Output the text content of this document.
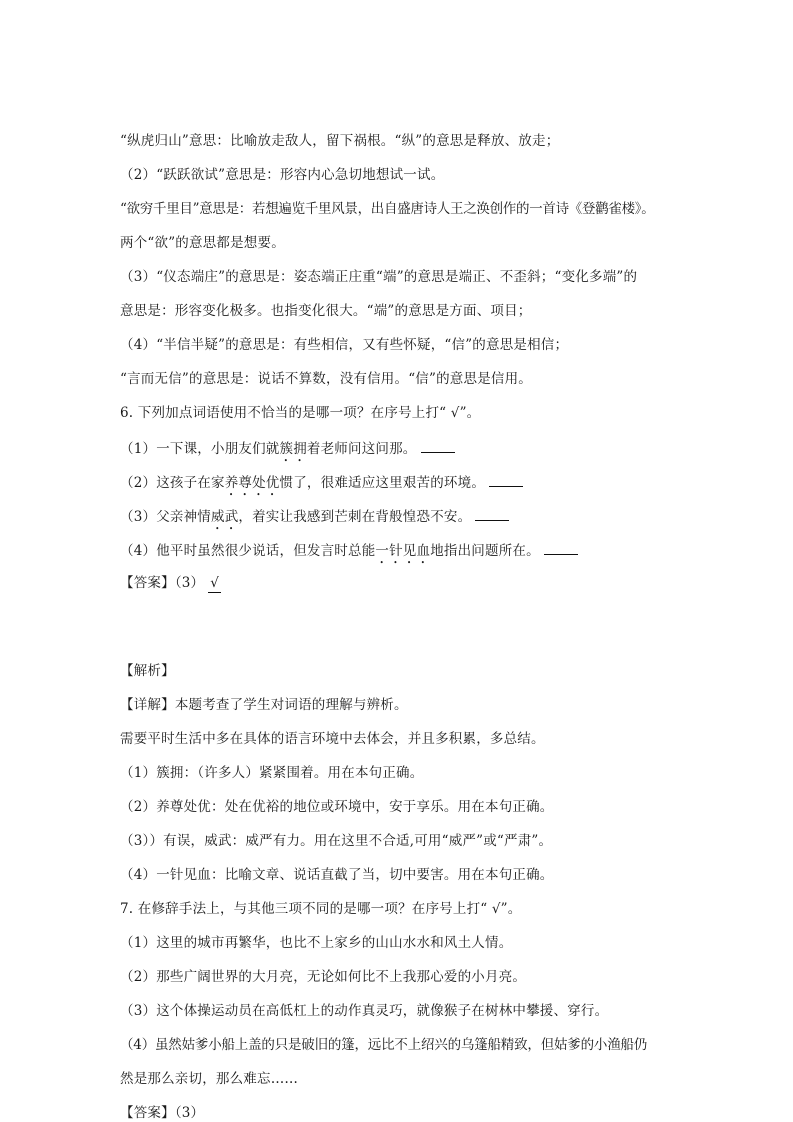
“纵虎归山”意思：比喻放走敌人，留下祸根。“纵”的意思是释放、放走；
（2）“跃跃欲试”意思是：形容内心急切地想试一试。
“欲穷千里目”意思是：若想遍览千里风景，出自盛唐诗人王之涣创作的一首诗《登鹳雀楼》。
两个“欲”的意思都是想要。
（3）“仪态端庄”的意思是：姿态端正庄重“端”的意思是端正、不歪斜；“变化多端”的
意思是：形容变化极多。也指变化很大。“端”的意思是方面、项目；
（4）“半信半疑”的意思是：有些相信，又有些怀疑，“信”的意思是相信；
“言而无信”的意思是：说话不算数，没有信用。“信”的意思是信用。
6. 下列加点词语使用不恰当的是哪一项？在序号上打“ √”。
（1）一下课，小朋友们就簇拥着老师问这问那。
（2）这孩子在家养尊处优惯了，很难适应这里艰苦的环境。
（3）父亲神情威武，着实让我感到芒刺在背般惶恐不安。
（4）他平时虽然很少说话，但发言时总能一针见血地指出问题所在。
【答案】（3） √
【解析】
【详解】本题考查了学生对词语的理解与辨析。
需要平时生活中多在具体的语言环境中去体会，并且多积累，多总结。
（1）簇拥：（许多人）紧紧围着。用在本句正确。
（2）养尊处优：处在优裕的地位或环境中，安于享乐。用在本句正确。
（3））有误，威武：威严有力。用在这里不合适,可用“威严”或“严肃”。
（4）一针见血：比喻文章、说话直截了当，切中要害。用在本句正确。
7. 在修辞手法上，与其他三项不同的是哪一项？在序号上打“ √”。
（1）这里的城市再繁华，也比不上家乡的山山水水和风土人情。
（2）那些广阔世界的大月亮，无论如何比不上我那心爱的小月亮。
（3）这个体操运动员在高低杠上的动作真灵巧，就像猴子在树林中攀援、穿行。
（4）虽然姑爹小船上盖的只是破旧的篷，远比不上绍兴的乌篷船精致，但姑爹的小渔船仍
然是那么亲切，那么难忘……
【答案】（3）
